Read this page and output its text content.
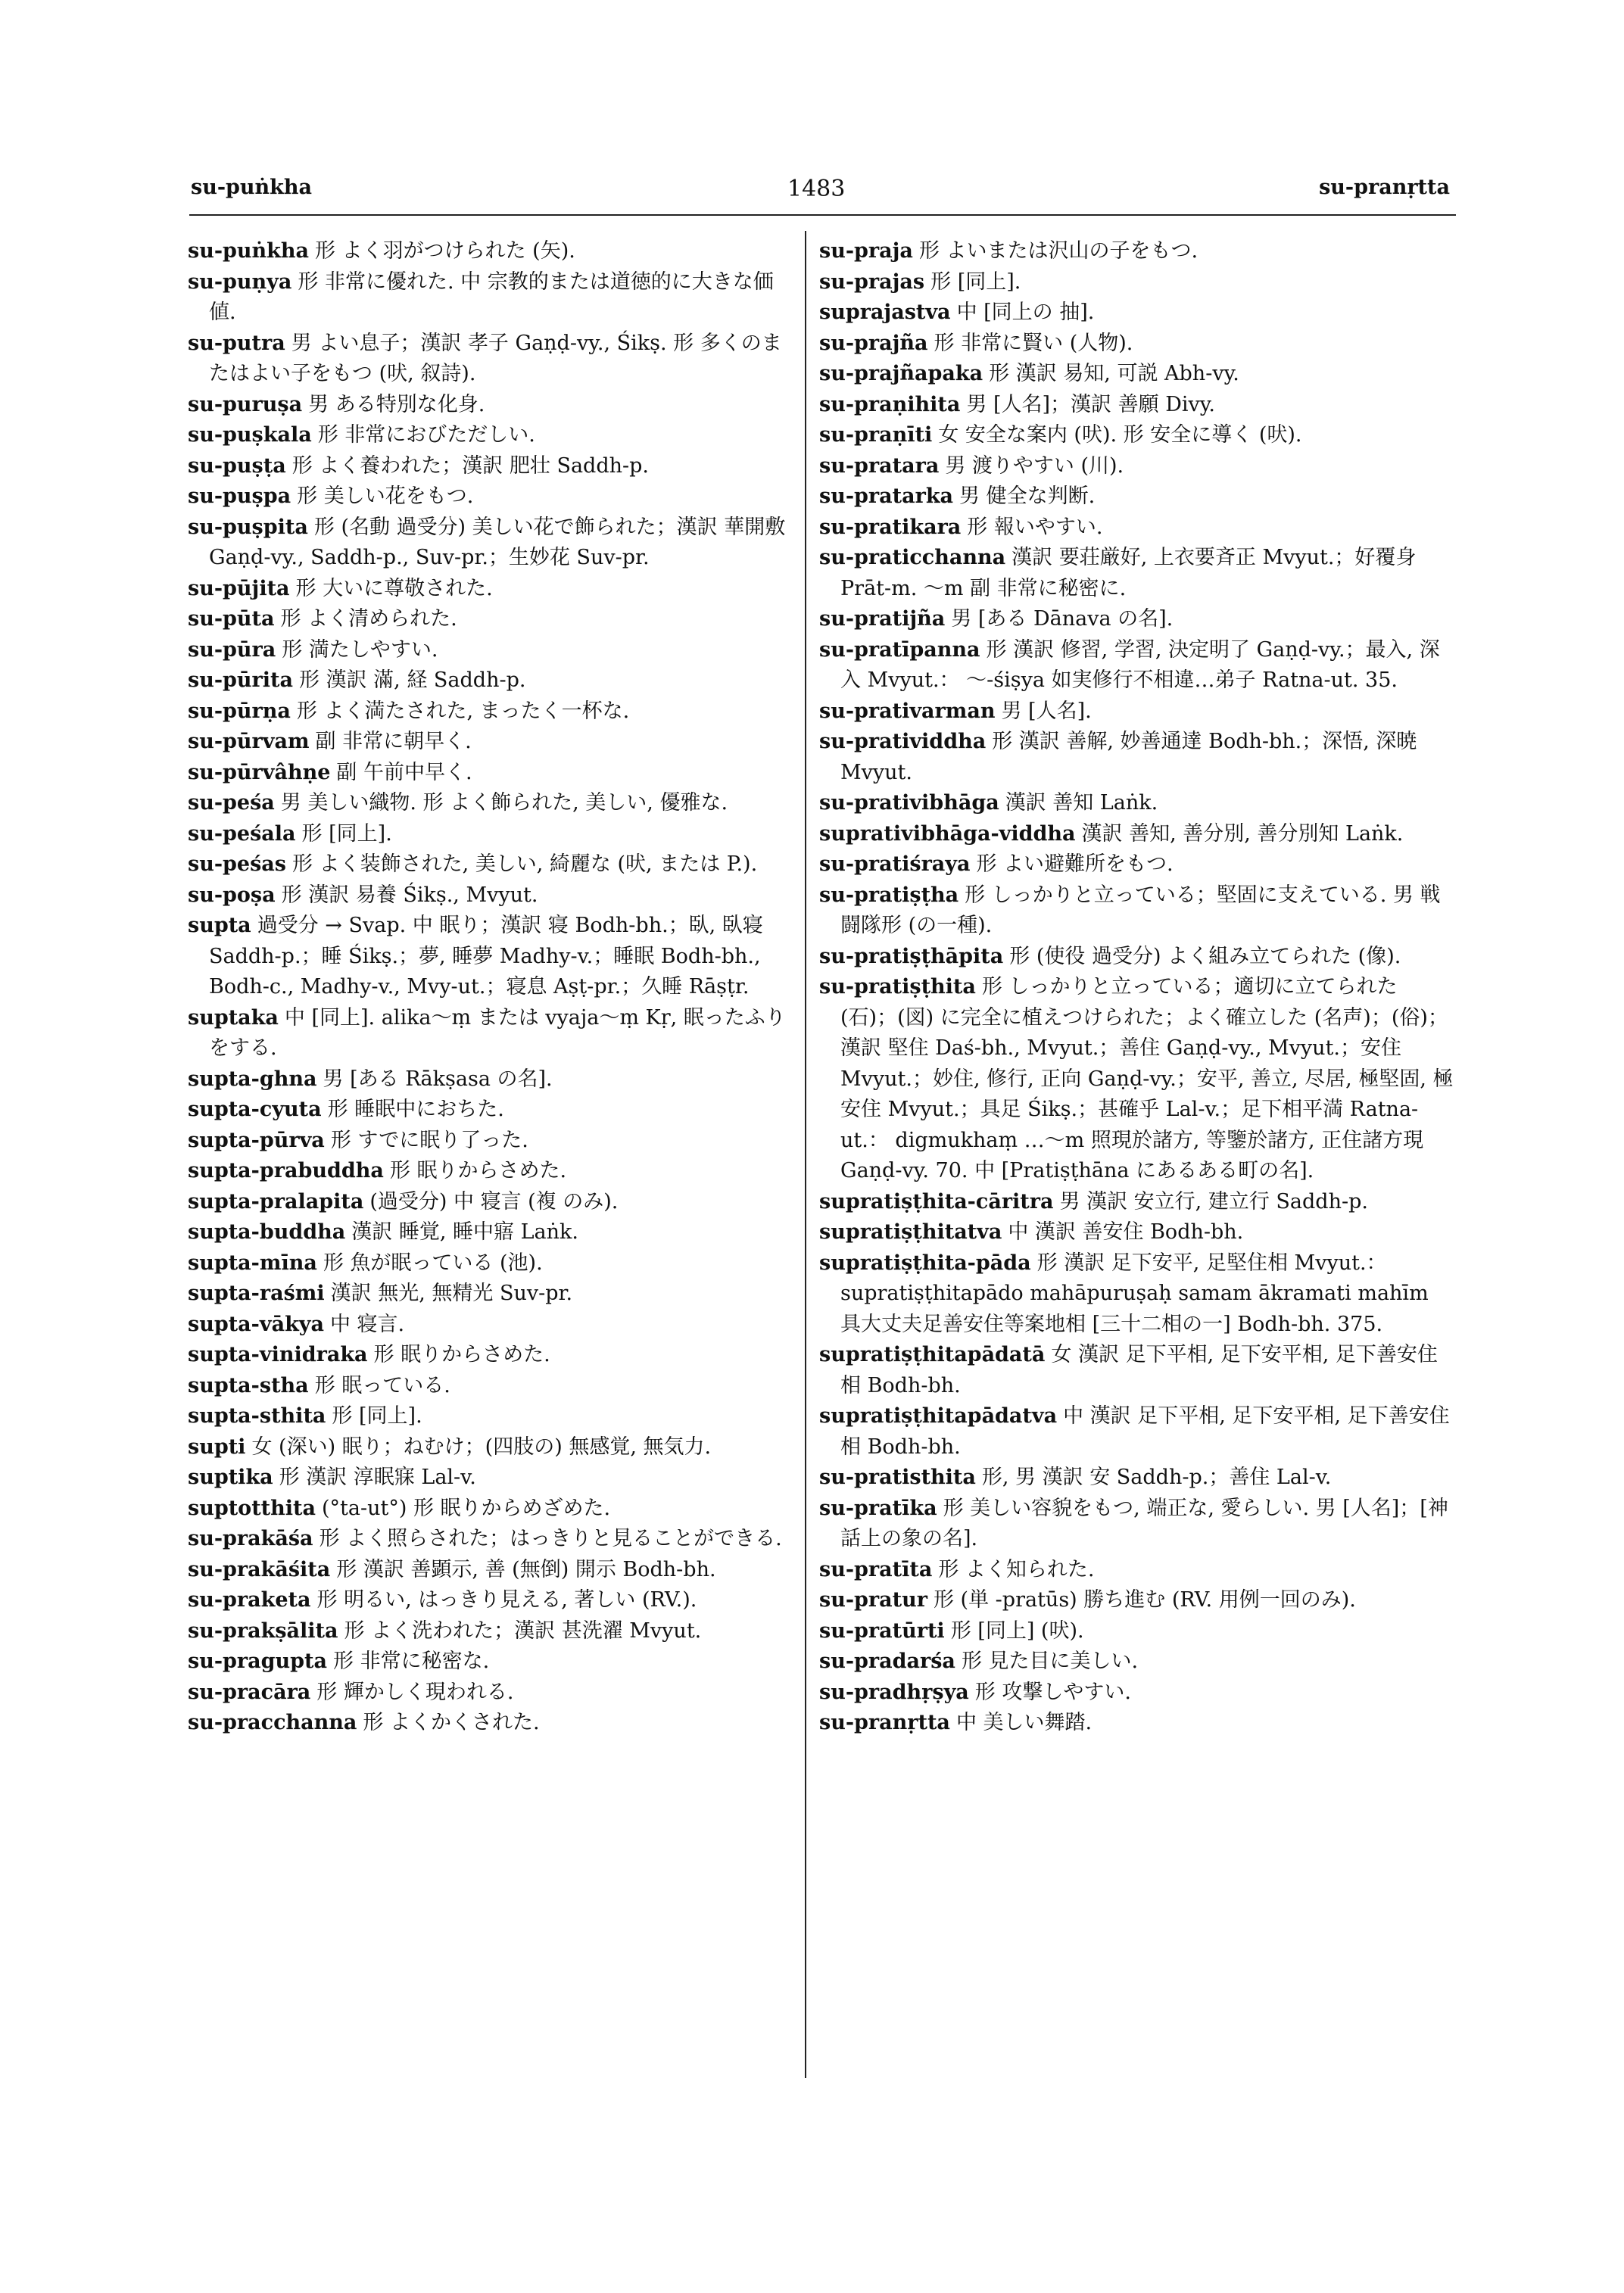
su-puṅkha	1483	su-pranṛtta

su-puṅkha 形 よく羽がつけられた (矢).

su-puṇya 形 非常に優れた. 中 宗教的または道徳的に大きな価値.

su-putra 男 よい息子；漢訳 孝子 Gaṇḍ-vy., Śikṣ. 形 多くのまたはよい子をもつ (吠, 叙詩).

su-puruṣa 男 ある特別な化身.

su-puṣkala 形 非常におびただしい.

su-puṣṭa 形 よく養われた；漢訳 肥壮 Saddh-p.

su-puṣpa 形 美しい花をもつ.

su-puṣpita 形 (名動 過受分) 美しい花で飾られた；漢訳 華開敷 Gaṇḍ-vy., Saddh-p., Suv-pr.；生妙花 Suv-pr.

su-pūjita 形 大いに尊敬された.

su-pūta 形 よく清められた.

su-pūra 形 満たしやすい.

su-pūrita 形 漢訳 滿, 経 Saddh-p.

su-pūrṇa 形 よく満たされた, まったく一杯な.

su-pūrvam 副 非常に朝早く.

su-pūrvâhṇe 副 午前中早く.

su-peśa 男 美しい織物. 形 よく飾られた, 美しい, 優雅な.

su-peśala 形 [同上].

su-peśas 形 よく装飾された, 美しい, 綺麗な (吠, または P.).

su-poṣa 形 漢訳 易養 Śikṣ., Mvyut.

supta 過受分 → Svap. 中 眠り；漢訳 寝 Bodh-bh.；臥, 臥寝 Saddh-p.；睡 Śikṣ.；夢, 睡夢 Madhy-v.；睡眠 Bodh-bh., Bodh-c., Madhy-v., Mvy-ut.；寝息 Aṣṭ-pr.；久睡 Rāṣṭr.

suptaka 中 [同上]. alika～ṃ または vyaja～ṃ Kṛ, 眠ったふりをする.

supta-ghna 男 [ある Rākṣasa の名].

supta-cyuta 形 睡眠中におちた.

supta-pūrva 形 すでに眠り了った.

supta-prabuddha 形 眠りからさめた.

supta-pralapita (過受分) 中 寝言 (複 のみ).

supta-buddha 漢訳 睡覚, 睡中寤 Laṅk.

supta-mīna 形 魚が眠っている (池).

supta-raśmi 漢訳 無光, 無精光 Suv-pr.

supta-vākya 中 寝言.

supta-vinidraka 形 眠りからさめた.

supta-stha 形 眠っている.

supta-sthita 形 [同上].

supti 女 (深い) 眠り；ねむけ；(四肢の) 無感覚, 無気力.

suptika 形 漢訳 淳眠寐 Lal-v.

suptotthita (°ta-ut°) 形 眠りからめざめた.

su-prakāśa 形 よく照らされた；はっきりと見ることができる.

su-prakāśita 形 漢訳 善顕示, 善 (無倒) 開示 Bodh-bh.

su-praketa 形 明るい, はっきり見える, 著しい (RV.).

su-prakṣālita 形 よく洗われた；漢訳 甚洗濯 Mvyut.

su-pragupta 形 非常に秘密な.

su-pracāra 形 輝かしく現われる.

su-pracchanna 形 よくかくされた.

su-praja 形 よいまたは沢山の子をもつ.

su-prajas 形 [同上].

suprajastva 中 [同上の 抽].

su-prajña 形 非常に賢い (人物).

su-prajñapaka 形 漢訳 易知, 可説 Abh-vy.

su-praṇihita 男 [人名]；漢訳 善願 Divy.

su-praṇīti 女 安全な案内 (吠). 形 安全に導く (吠).

su-pratara 男 渡りやすい (川).

su-pratarka 男 健全な判断.

su-pratikara 形 報いやすい.

su-praticchanna 漢訳 要荘厳好, 上衣要斉正 Mvyut.；好覆身 Prāt-m. ～m 副 非常に秘密に.

su-pratijña 男 [ある Dānava の名].

su-pratīpanna 形 漢訳 修習, 学習, 決定明了 Gaṇḍ-vy.；最入, 深入 Mvyut.： ～-śiṣya 如実修行不相違…弟子 Ratna-ut. 35.

su-prativarman 男 [人名].

su-pratividdha 形 漢訳 善解, 妙善通達 Bodh-bh.；深悟, 深暁 Mvyut.

su-prativibhāga 漢訳 善知 Laṅk.

suprativibhāga-viddha 漢訳 善知, 善分別, 善分別知 Laṅk.

su-pratiśraya 形 よい避難所をもつ.

su-pratiṣṭha 形 しっかりと立っている；堅固に支えている. 男 戦闘隊形 (の一種).

su-pratiṣṭhāpita 形 (使役 過受分) よく組み立てられた (像).

su-pratiṣṭhita 形 しっかりと立っている；適切に立てられた (石)；(図) に完全に植えつけられた；よく確立した (名声)；(俗)；漢訳 堅住 Daś-bh., Mvyut.；善住 Gaṇḍ-vy., Mvyut.；安住 Mvyut.；妙住, 修行, 正向 Gaṇḍ-vy.；安平, 善立, 尽居, 極堅固, 極安住 Mvyut.；具足 Śikṣ.；甚確乎 Lal-v.；足下相平満 Ratna-ut.： digmukhaṃ …～m 照現於諸方, 等鑒於諸方, 正住諸方現 Gaṇḍ-vy. 70. 中 [Pratiṣṭhāna にあるある町の名].

supratiṣṭhita-cāritra 男 漢訳 安立行, 建立行 Saddh-p.

supratiṣṭhitatva 中 漢訳 善安住 Bodh-bh.

supratiṣṭhita-pāda 形 漢訳 足下安平, 足堅住相 Mvyut.： supratiṣṭhitapādo mahāpuruṣaḥ samam ākramati mahīm 具大丈夫足善安住等案地相 [三十二相の一] Bodh-bh. 375.

supratiṣṭhitapādatā 女 漢訳 足下平相, 足下安平相, 足下善安住相 Bodh-bh.

supratiṣṭhitapādatva 中 漢訳 足下平相, 足下安平相, 足下善安住相 Bodh-bh.

su-pratisthita 形, 男 漢訳 安 Saddh-p.；善住 Lal-v.

su-pratīka 形 美しい容貌をもつ, 端正な, 愛らしい. 男 [人名]；[神話上の象の名].

su-pratīta 形 よく知られた.

su-pratur 形 (単 -pratūs) 勝ち進む (RV. 用例一回のみ).

su-pratūrti 形 [同上] (吠).

su-pradarśa 形 見た目に美しい.

su-pradhṛṣya 形 攻撃しやすい.

su-pranṛtta 中 美しい舞踏.
